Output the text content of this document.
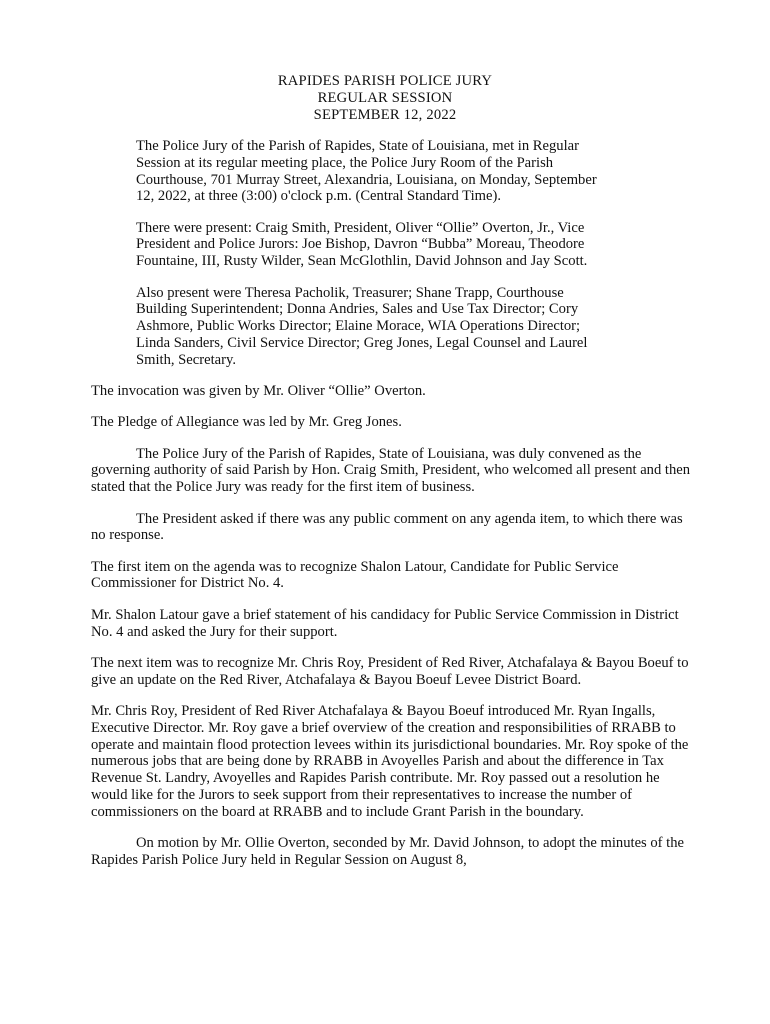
RAPIDES PARISH POLICE JURY
REGULAR SESSION
SEPTEMBER 12, 2022

The Police Jury of the Parish of Rapides, State of Louisiana, met in Regular Session at its regular meeting place, the Police Jury Room of the Parish Courthouse, 701 Murray Street, Alexandria, Louisiana, on Monday, September 12, 2022, at three (3:00) o'clock p.m. (Central Standard Time).

There were present: Craig Smith, President, Oliver “Ollie” Overton, Jr., Vice President and Police Jurors: Joe Bishop, Davron “Bubba” Moreau, Theodore Fountaine, III, Rusty Wilder, Sean McGlothlin, David Johnson and Jay Scott.

Also present were Theresa Pacholik, Treasurer; Shane Trapp, Courthouse Building Superintendent; Donna Andries, Sales and Use Tax Director; Cory Ashmore, Public Works Director; Elaine Morace, WIA Operations Director; Linda Sanders, Civil Service Director; Greg Jones, Legal Counsel and Laurel Smith, Secretary.

The invocation was given by Mr. Oliver “Ollie” Overton.

The Pledge of Allegiance was led by Mr. Greg Jones.

The Police Jury of the Parish of Rapides, State of Louisiana, was duly convened as the governing authority of said Parish by Hon. Craig Smith, President, who welcomed all present and then stated that the Police Jury was ready for the first item of business.

The President asked if there was any public comment on any agenda item, to which there was no response.

The first item on the agenda was to recognize Shalon Latour, Candidate for Public Service Commissioner for District No. 4.

Mr. Shalon Latour gave a brief statement of his candidacy for Public Service Commission in District No. 4 and asked the Jury for their support.

The next item was to recognize Mr. Chris Roy, President of Red River, Atchafalaya & Bayou Boeuf to give an update on the Red River, Atchafalaya & Bayou Boeuf Levee District Board.

Mr. Chris Roy, President of Red River Atchafalaya & Bayou Boeuf introduced Mr. Ryan Ingalls, Executive Director. Mr. Roy gave a brief overview of the creation and responsibilities of RRABB to operate and maintain flood protection levees within its jurisdictional boundaries. Mr. Roy spoke of the numerous jobs that are being done by RRABB in Avoyelles Parish and about the difference in Tax Revenue St. Landry, Avoyelles and Rapides Parish contribute. Mr. Roy passed out a resolution he would like for the Jurors to seek support from their representatives to increase the number of commissioners on the board at RRABB and to include Grant Parish in the boundary.

On motion by Mr. Ollie Overton, seconded by Mr. David Johnson, to adopt the minutes of the Rapides Parish Police Jury held in Regular Session on August 8,
